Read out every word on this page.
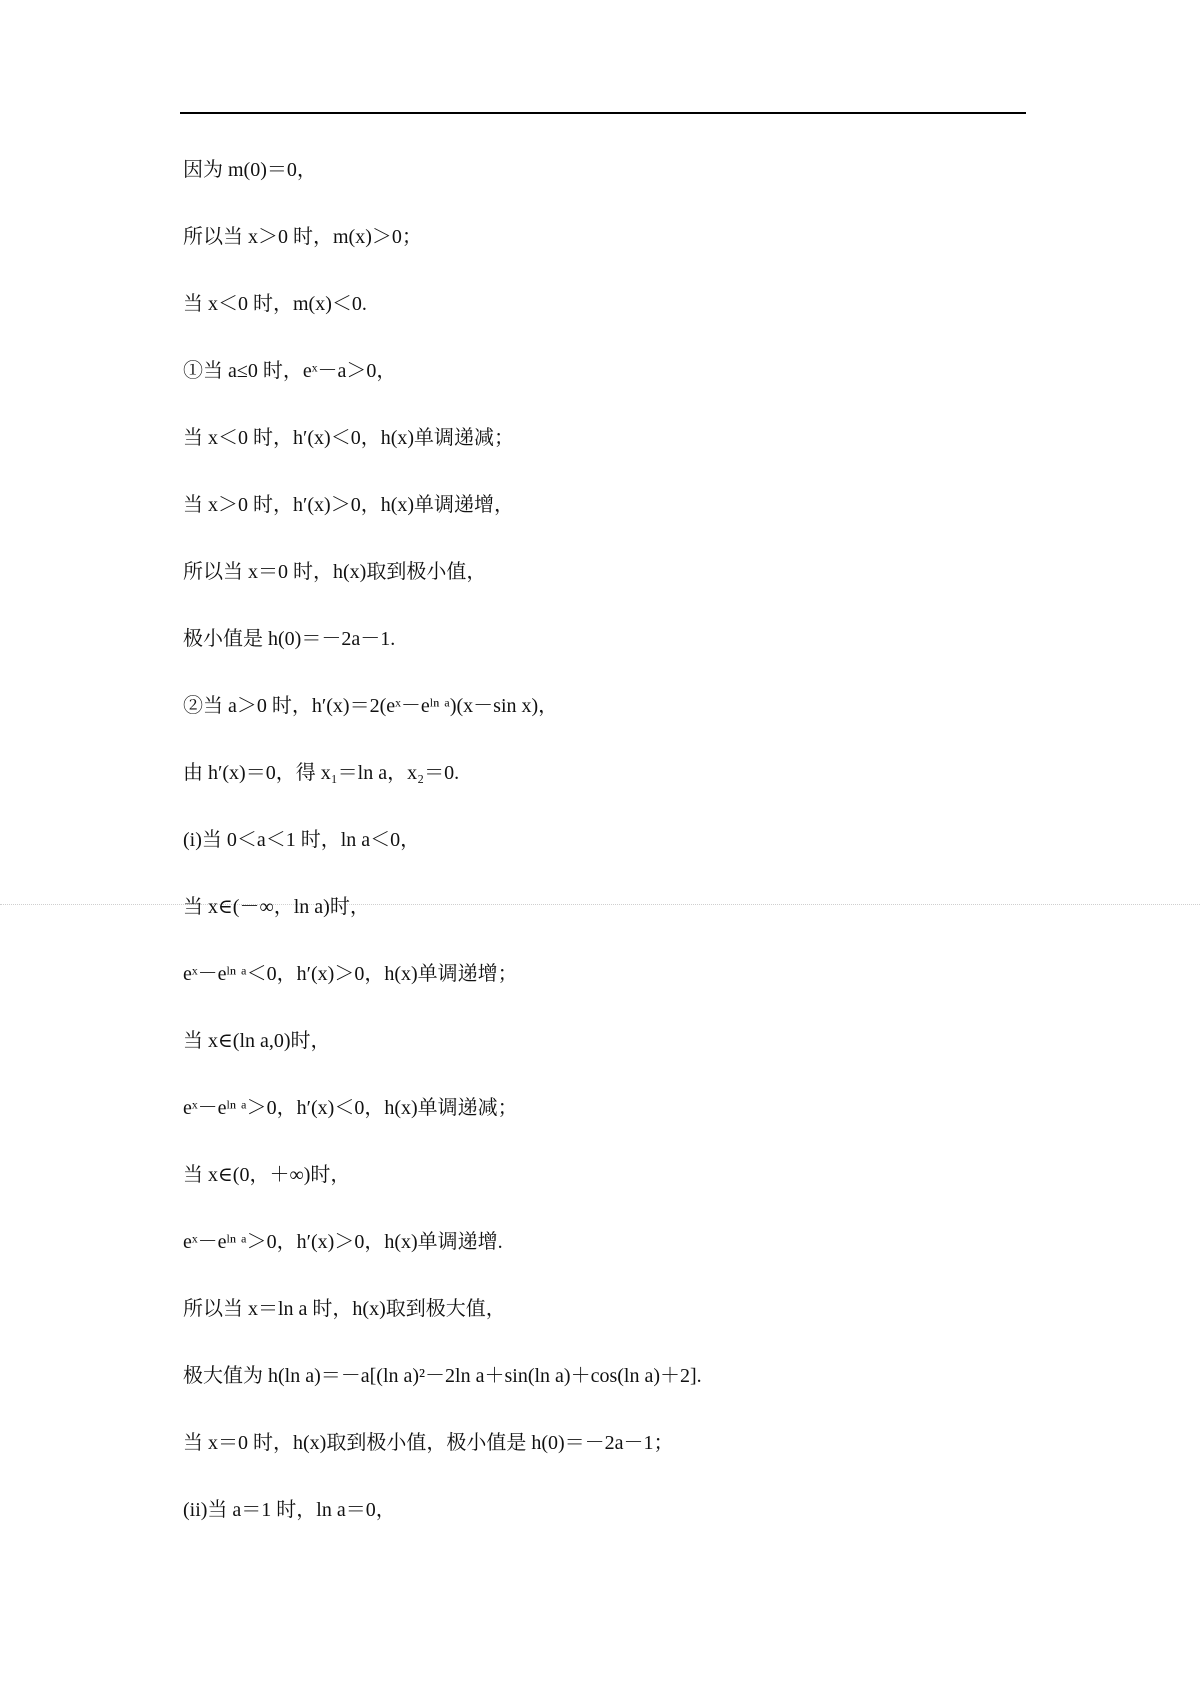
因为 m(0)＝0，
所以当 x＞0 时，m(x)＞0；
当 x＜0 时，m(x)＜0.
①当 a≤0 时，eˣ－a＞0，
当 x＜0 时，h′(x)＜0，h(x)单调递减；
当 x＞0 时，h′(x)＞0，h(x)单调递增，
所以当 x＝0 时，h(x)取到极小值，
极小值是 h(0)＝－2a－1.
②当 a＞0 时，h′(x)＝2(eˣ－eˡⁿ ᵃ)(x－sin x)，
由 h′(x)＝0，得 x₁＝ln a，x₂＝0.
(i)当 0＜a＜1 时，ln a＜0，
当 x∈(－∞，ln a)时，
eˣ－eˡⁿ ᵃ＜0，h′(x)＞0，h(x)单调递增；
当 x∈(ln a,0)时，
eˣ－eˡⁿ ᵃ＞0，h′(x)＜0，h(x)单调递减；
当 x∈(0，＋∞)时，
eˣ－eˡⁿ ᵃ＞0，h′(x)＞0，h(x)单调递增.
所以当 x＝ln a 时，h(x)取到极大值，
极大值为 h(ln a)＝－a[(ln a)²－2ln a＋sin(ln a)＋cos(ln a)＋2].
当 x＝0 时，h(x)取到极小值，极小值是 h(0)＝－2a－1；
(ii)当 a＝1 时，ln a＝0，
